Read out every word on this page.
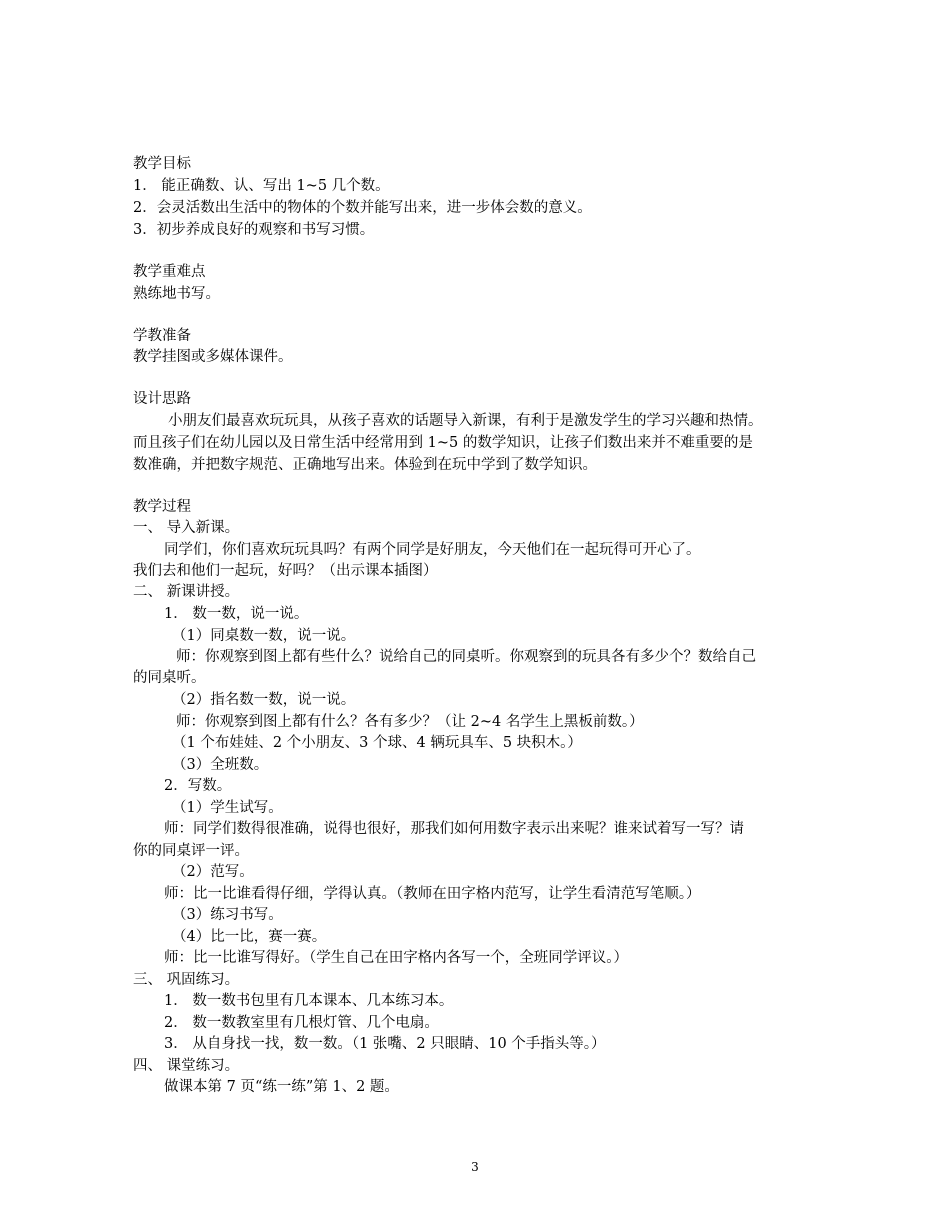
教学目标
1． 能正确数、认、写出 1~5 几个数。
2．会灵活数出生活中的物体的个数并能写出来，进一步体会数的意义。
3．初步养成良好的观察和书写习惯。
教学重难点
熟练地书写。
学教准备
教学挂图或多媒体课件。
设计思路
小朋友们最喜欢玩玩具，从孩子喜欢的话题导入新课，有利于是激发学生的学习兴趣和热情。
而且孩子们在幼儿园以及日常生活中经常用到 1~5 的数学知识，让孩子们数出来并不难重要的是
数准确，并把数字规范、正确地写出来。体验到在玩中学到了数学知识。
教学过程
一、 导入新课。
同学们，你们喜欢玩玩具吗？有两个同学是好朋友，今天他们在一起玩得可开心了。
我们去和他们一起玩，好吗？（出示课本插图）
二、 新课讲授。
1． 数一数，说一说。
（1）同桌数一数，说一说。
师：你观察到图上都有些什么？说给自己的同桌听。你观察到的玩具各有多少个？数给自己
的同桌听。
（2）指名数一数，说一说。
师：你观察到图上都有什么？各有多少？（让 2~4 名学生上黑板前数。）
（1 个布娃娃、2 个小朋友、3 个球、4 辆玩具车、5 块积木。）
（3）全班数。
2．写数。
（1）学生试写。
师：同学们数得很准确，说得也很好，那我们如何用数字表示出来呢？谁来试着写一写？请
你的同桌评一评。
（2）范写。
师：比一比谁看得仔细，学得认真。（教师在田字格内范写，让学生看清范写笔顺。）
（3）练习书写。
（4）比一比，赛一赛。
师：比一比谁写得好。（学生自己在田字格内各写一个，全班同学评议。）
三、 巩固练习。
1． 数一数书包里有几本课本、几本练习本。
2． 数一数教室里有几根灯管、几个电扇。
3． 从自身找一找，数一数。（1 张嘴、2 只眼睛、10 个手指头等。）
四、 课堂练习。
做课本第 7 页“练一练”第 1、2 题。
3
